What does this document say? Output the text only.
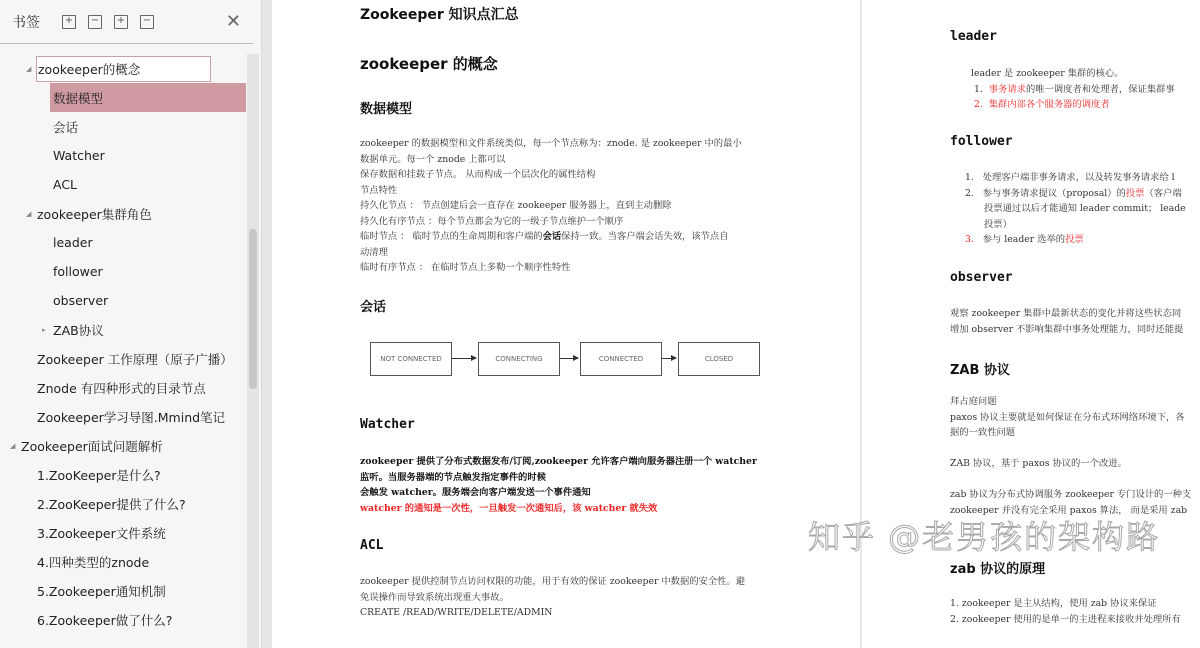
书签 + − + −	✕
◢ zookeeper的概念
数据模型
会话
Watcher
ACL
◢ zookeeper集群角色
leader
follower
observer
▸ ZAB协议
Zookeeper 工作原理（原子广播）
Znode 有四种形式的目录节点
Zookeeper学习导图.Mmind笔记
◢ Zookeeper面试问题解析
1.ZooKeeper是什么?
2.ZooKeeper提供了什么?
3.Zookeeper文件系统
4.四种类型的znode
5.Zookeeper通知机制
6.Zookeeper做了什么?
Zookeeper 知识点汇总
zookeeper 的概念
数据模型
zookeeper 的数据模型和文件系统类似，每一个节点称为：znode. 是 zookeeper 中的最小
数据单元。每一个 znode 上都可以
保存数据和挂载子节点。 从而构成一个层次化的属性结构
节点特性
持久化节点 ： 节点创建后会一直存在 zookeeper 服务器上，直到主动删除
持久化有序节点 ：每个节点都会为它的一级子节点维护一个顺序
临时节点 ： 临时节点的生命周期和客户端的会话保持一致。当客户端会话失效，该节点自
动清理
临时有序节点 ： 在临时节点上多勒一个顺序性特性
会话
NOT CONNECTED	CONNECTING	CONNECTED	CLOSED
Watcher
zookeeper 提供了分布式数据发布/订阅,zookeeper 允许客户端向服务器注册一个 watcher
监听。当服务器端的节点触发指定事件的时候
会触发 watcher。服务端会向客户端发送一个事件通知
watcher 的通知是一次性，一旦触发一次通知后，该 watcher 就失效
ACL
zookeeper 提供控制节点访问权限的功能，用于有效的保证 zookeeper 中数据的安全性。避
免误操作而导致系统出现重大事故。
CREATE /READ/WRITE/DELETE/ADMIN
leader
leader 是 zookeeper 集群的核心。
1.  事务请求的唯一调度者和处理者，保证集群事
2.  集群内部各个服务器的调度者
follower
1.   处理客户端非事务请求，以及转发事务请求给 l
2.   参与事务请求提议（proposal）的投票（客户端
投票通过以后才能通知 leader commit； leade
投票）
3. 参与 leader 选举的投票
observer
观察 zookeeper 集群中最新状态的变化并将这些状态同
增加 observer 不影响集群中事务处理能力，同时还能提
ZAB 协议
拜占庭问题
paxos 协议主要就是如何保证在分布式环网络环境下，各
据的一致性问题
ZAB 协议，基于 paxos 协议的一个改进。
zab 协议为分布式协调服务 zookeeper 专门设计的一种支
zookeeper 并没有完全采用 paxos 算法， 而是采用 zab
zab 协议的原理
1. zookeeper 是主从结构，使用 zab 协议来保证
2. zookeeper 使用的是单一的主进程来接收并处理所有
知乎 @老男孩的架构路
